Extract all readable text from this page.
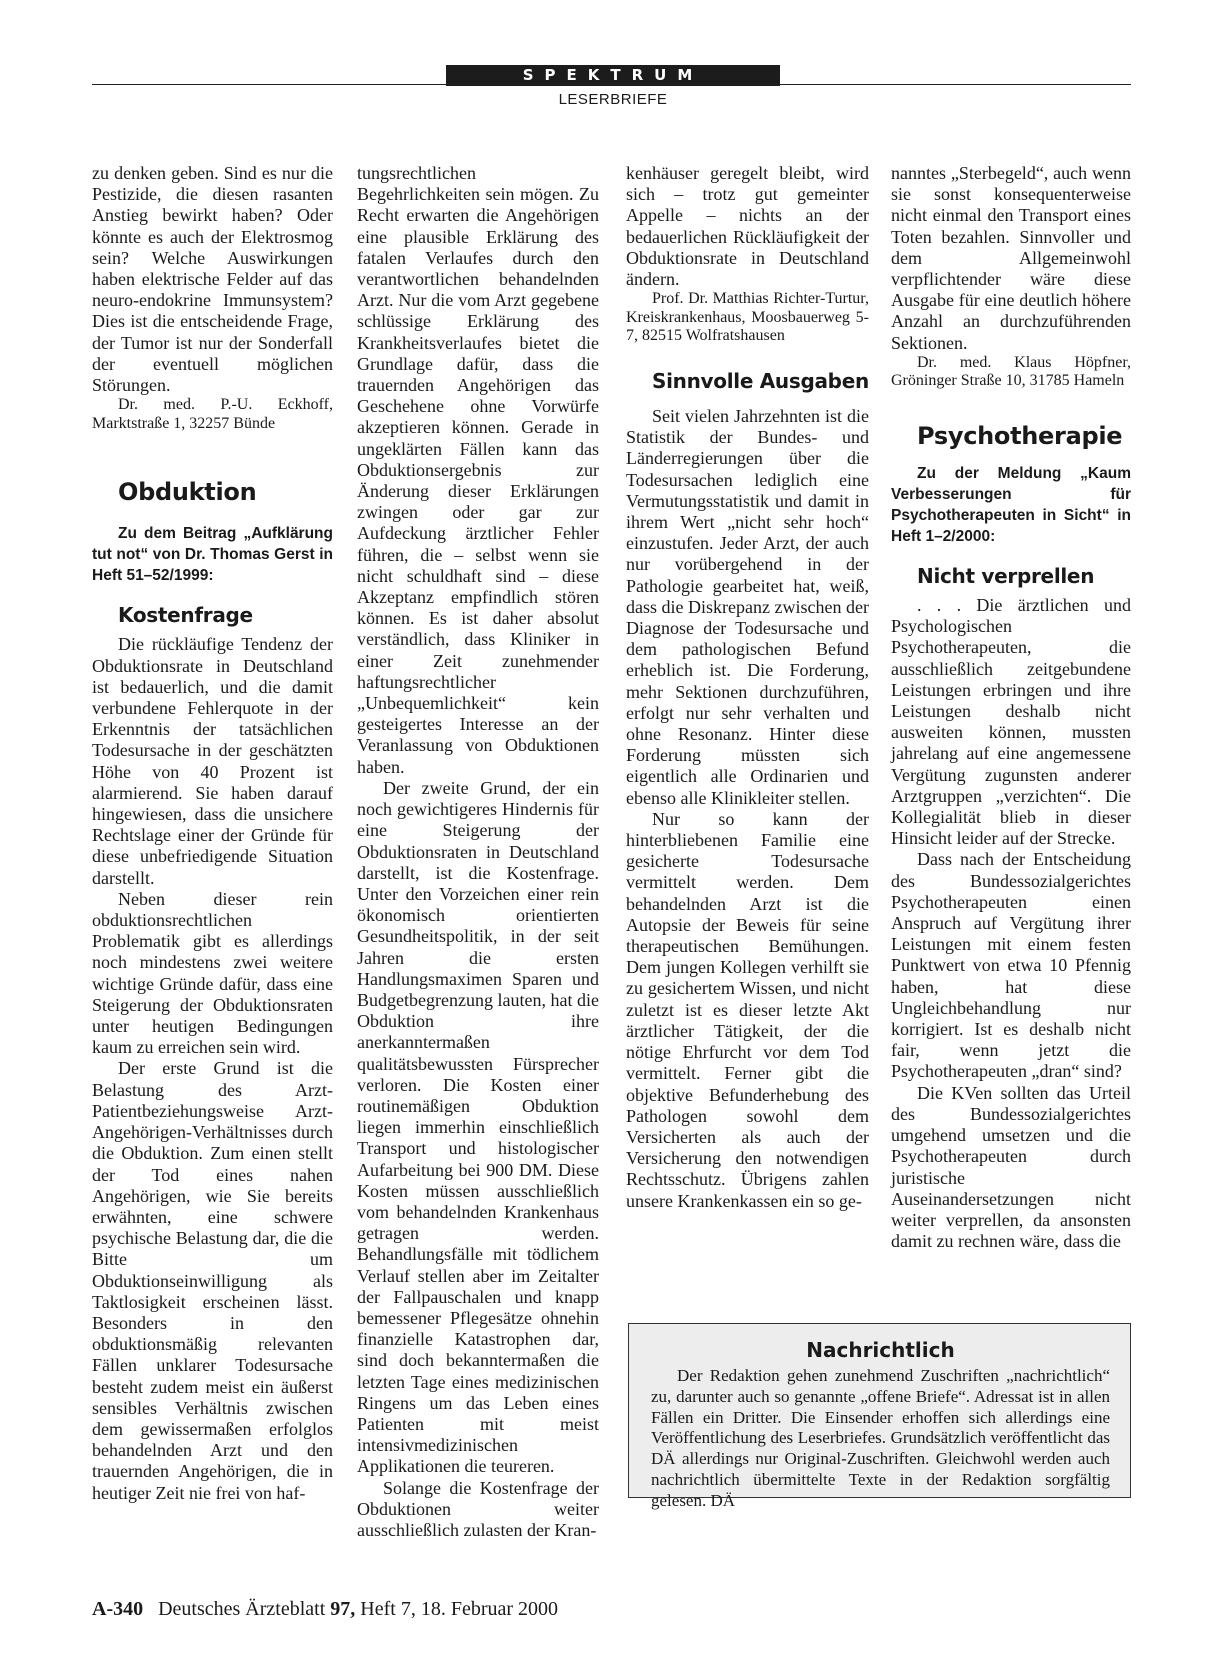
SPEKTRUM
LESERBRIEFE

zu denken geben. Sind es nur die Pestizide, die diesen rasanten Anstieg bewirkt haben? Oder könnte es auch der Elektrosmog sein? Welche Auswirkungen haben elektrische Felder auf das neuro-endokrine Immunsystem? Dies ist die entscheidende Frage, der Tumor ist nur der Sonderfall der eventuell möglichen Störungen.

Dr. med. P.-U. Eckhoff, Marktstraße 1, 32257 Bünde

Obduktion

Zu dem Beitrag „Aufklärung tut not“ von Dr. Thomas Gerst in Heft 51–52/1999:

Kostenfrage

Die rückläufige Tendenz der Obduktionsrate in Deutschland ist bedauerlich, und die damit verbundene Fehlerquote in der Erkenntnis der tatsächlichen Todesursache in der geschätzten Höhe von 40 Prozent ist alarmierend. Sie haben darauf hingewiesen, dass die unsichere Rechtslage einer der Gründe für diese unbefriedigende Situation darstellt.

Neben dieser rein obduktionsrechtlichen Problematik gibt es allerdings noch mindestens zwei weitere wichtige Gründe dafür, dass eine Steigerung der Obduktionsraten unter heutigen Bedingungen kaum zu erreichen sein wird.

Der erste Grund ist die Belastung des Arzt-Patientbeziehungsweise Arzt-Angehörigen-Verhältnisses durch die Obduktion. Zum einen stellt der Tod eines nahen Angehörigen, wie Sie bereits erwähnten, eine schwere psychische Belastung dar, die die Bitte um Obduktionseinwilligung als Taktlosigkeit erscheinen lässt. Besonders in den obduktionsmäßig relevanten Fällen unklarer Todesursache besteht zudem meist ein äußerst sensibles Verhältnis zwischen dem gewissermaßen erfolglos behandelnden Arzt und den trauernden Angehörigen, die in heutiger Zeit nie frei von haf-

tungsrechtlichen Begehrlichkeiten sein mögen. Zu Recht erwarten die Angehörigen eine plausible Erklärung des fatalen Verlaufes durch den verantwortlichen behandelnden Arzt. Nur die vom Arzt gegebene schlüssige Erklärung des Krankheitsverlaufes bietet die Grundlage dafür, dass die trauernden Angehörigen das Geschehene ohne Vorwürfe akzeptieren können. Gerade in ungeklärten Fällen kann das Obduktionsergebnis zur Änderung dieser Erklärungen zwingen oder gar zur Aufdeckung ärztlicher Fehler führen, die – selbst wenn sie nicht schuldhaft sind – diese Akzeptanz empfindlich stören können. Es ist daher absolut verständlich, dass Kliniker in einer Zeit zunehmender haftungsrechtlicher „Unbequemlichkeit“ kein gesteigertes Interesse an der Veranlassung von Obduktionen haben.

Der zweite Grund, der ein noch gewichtigeres Hindernis für eine Steigerung der Obduktionsraten in Deutschland darstellt, ist die Kostenfrage. Unter den Vorzeichen einer rein ökonomisch orientierten Gesundheitspolitik, in der seit Jahren die ersten Handlungsmaximen Sparen und Budgetbegrenzung lauten, hat die Obduktion ihre anerkanntermaßen qualitätsbewussten Fürsprecher verloren. Die Kosten einer routinemäßigen Obduktion liegen immerhin einschließlich Transport und histologischer Aufarbeitung bei 900 DM. Diese Kosten müssen ausschließlich vom behandelnden Krankenhaus getragen werden. Behandlungsfälle mit tödlichem Verlauf stellen aber im Zeitalter der Fallpauschalen und knapp bemessener Pflegesätze ohnehin finanzielle Katastrophen dar, sind doch bekanntermaßen die letzten Tage eines medizinischen Ringens um das Leben eines Patienten mit meist intensivmedizinischen Applikationen die teureren.

Solange die Kostenfrage der Obduktionen weiter ausschließlich zulasten der Kran-

kenhäuser geregelt bleibt, wird sich – trotz gut gemeinter Appelle – nichts an der bedauerlichen Rückläufigkeit der Obduktionsrate in Deutschland ändern.

Prof. Dr. Matthias Richter-Turtur, Kreiskrankenhaus, Moosbauerweg 5-7, 82515 Wolfratshausen

Sinnvolle Ausgaben

Seit vielen Jahrzehnten ist die Statistik der Bundes- und Länderregierungen über die Todesursachen lediglich eine Vermutungsstatistik und damit in ihrem Wert „nicht sehr hoch“ einzustufen. Jeder Arzt, der auch nur vorübergehend in der Pathologie gearbeitet hat, weiß, dass die Diskrepanz zwischen der Diagnose der Todesursache und dem pathologischen Befund erheblich ist. Die Forderung, mehr Sektionen durchzuführen, erfolgt nur sehr verhalten und ohne Resonanz. Hinter diese Forderung müssten sich eigentlich alle Ordinarien und ebenso alle Klinikleiter stellen.

Nur so kann der hinterbliebenen Familie eine gesicherte Todesursache vermittelt werden. Dem behandelnden Arzt ist die Autopsie der Beweis für seine therapeutischen Bemühungen. Dem jungen Kollegen verhilft sie zu gesichertem Wissen, und nicht zuletzt ist es dieser letzte Akt ärztlicher Tätigkeit, der die nötige Ehrfurcht vor dem Tod vermittelt. Ferner gibt die objektive Befunderhebung des Pathologen sowohl dem Versicherten als auch der Versicherung den notwendigen Rechtsschutz. Übrigens zahlen unsere Krankenkassen ein so ge-

nanntes „Sterbegeld“, auch wenn sie sonst konsequenterweise nicht einmal den Transport eines Toten bezahlen. Sinnvoller und dem Allgemeinwohl verpflichtender wäre diese Ausgabe für eine deutlich höhere Anzahl an durchzuführenden Sektionen.

Dr. med. Klaus Höpfner, Gröninger Straße 10, 31785 Hameln

Psychotherapie

Zu der Meldung „Kaum Verbesserungen für Psychotherapeuten in Sicht“ in Heft 1–2/2000:

Nicht verprellen

. . . Die ärztlichen und Psychologischen Psychotherapeuten, die ausschließlich zeitgebundene Leistungen erbringen und ihre Leistungen deshalb nicht ausweiten können, mussten jahrelang auf eine angemessene Vergütung zugunsten anderer Arztgruppen „verzichten“. Die Kollegialität blieb in dieser Hinsicht leider auf der Strecke.

Dass nach der Entscheidung des Bundessozialgerichtes Psychotherapeuten einen Anspruch auf Vergütung ihrer Leistungen mit einem festen Punktwert von etwa 10 Pfennig haben, hat diese Ungleichbehandlung nur korrigiert. Ist es deshalb nicht fair, wenn jetzt die Psychotherapeuten „dran“ sind?

Die KVen sollten das Urteil des Bundessozialgerichtes umgehend umsetzen und die Psychotherapeuten durch juristische Auseinandersetzungen nicht weiter verprellen, da ansonsten damit zu rechnen wäre, dass die

Nachrichtlich

Der Redaktion gehen zunehmend Zuschriften „nachrichtlich“ zu, darunter auch so genannte „offene Briefe“. Adressat ist in allen Fällen ein Dritter. Die Einsender erhoffen sich allerdings eine Veröffentlichung des Leserbriefes. Grundsätzlich veröffentlicht das DÄ allerdings nur Original-Zuschriften. Gleichwohl werden auch nachrichtlich übermittelte Texte in der Redaktion sorgfältig gelesen. DÄ

A-340 Deutsches Ärzteblatt 97, Heft 7, 18. Februar 2000
